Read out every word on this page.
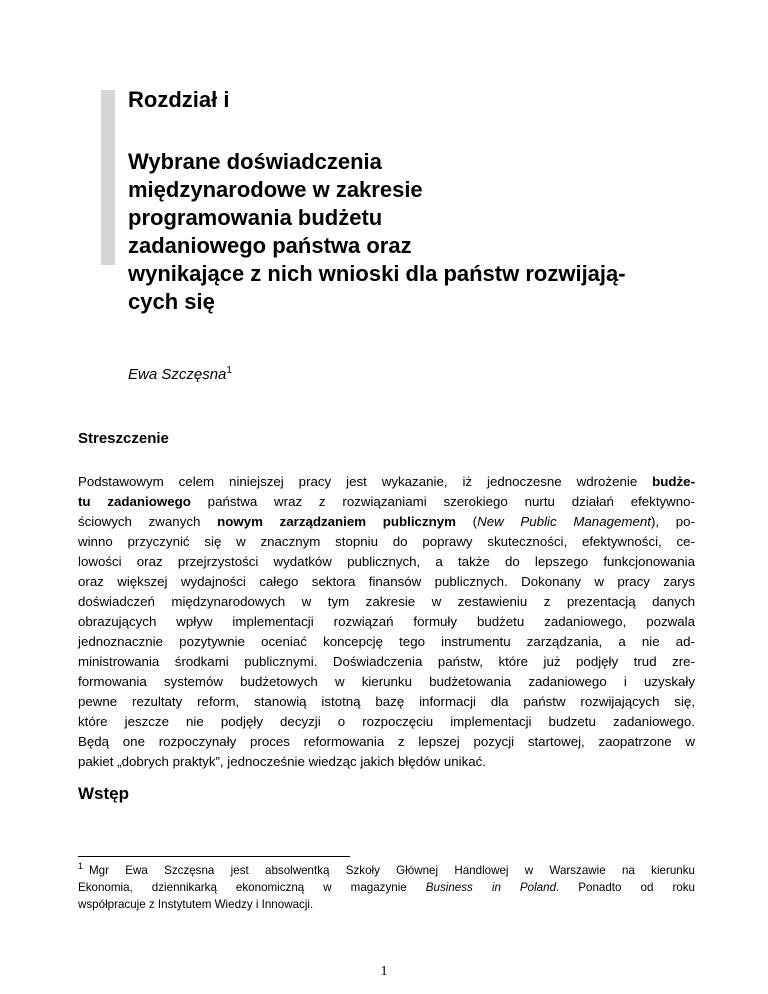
Rozdział i
Wybrane doświadczenia
międzynarodowe w zakresie
programowania budżetu
zadaniowego państwa oraz
wynikające z nich wnioski dla państw rozwijają-
cych się
Ewa Szczęsna$^1$
Streszczenie
Podstawowym celem niniejszej pracy jest wykazanie, iż jednoczesne wdrożenie budże-
tu zadaniowego państwa wraz z rozwiązaniami szerokiego nurtu działań efektywno-
ściowych zwanych nowym zarządzaniem publicznym (New Public Management), po-
winno przyczynić się w znacznym stopniu do poprawy skuteczności, efektywności, ce-
lowości oraz przejrzystości wydatków publicznych, a także do lepszego funkcjonowania
oraz większej wydajności całego sektora finansów publicznych. Dokonany w pracy zarys
doświadczeń międzynarodowych w tym zakresie w zestawieniu z prezentacją danych
obrazujących wpływ implementacji rozwiązań formuły budżetu zadaniowego, pozwala
jednoznacznie pozytywnie oceniać koncepcję tego instrumentu zarządzania, a nie ad-
ministrowania środkami publicznymi. Doświadczenia państw, które już podjęły trud zre-
formowania systemów budżetowych w kierunku budżetowania zadaniowego i uzyskały
pewne rezultaty reform, stanowią istotną bazę informacji dla państw rozwijających się,
które jeszcze nie podjęły decyzji o rozpoczęciu implementacji budzetu zadaniowego.
Będą one rozpoczynały proces reformowania z lepszej pozycji startowej, zaopatrzone w
pakiet „dobrych praktyk”, jednocześnie wiedząc jakich błędów unikać.
Wstęp
$^1$ Mgr Ewa Szczęsna jest absolwentką Szkoły Głównej Handlowej w Warszawie na kierunku
Ekonomia, dziennikarką ekonomiczną w magazynie Business in Poland. Ponadto od roku
współpracuje z Instytutem Wiedzy i Innowacji.
1
